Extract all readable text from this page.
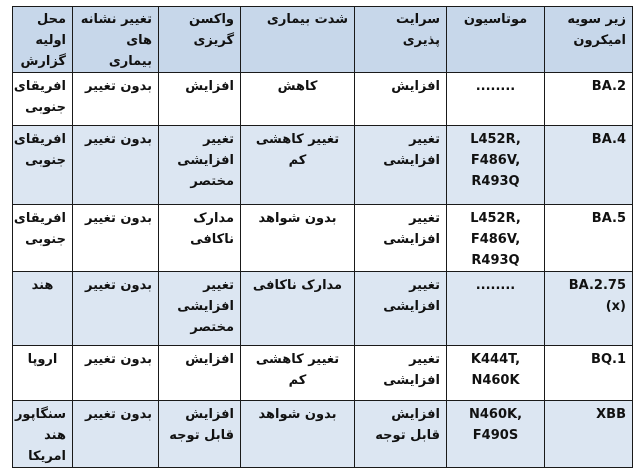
زیر سویه امیکرون	موتاسیون	سرایت پذیری	شدت بیماری	واکسن گریزی	تغییر نشانه های بیماری	محل اولیه گزارش

BA.2	........	افزایش	کاهش	افزایش	بدون تغییر	افریقای جنوبی

BA.4	L452R,
F486V,
R493Q	تغییر افزایشی	تغییر کاهشی کم	تغییر افزایشی مختصر	بدون تغییر	افریقای جنوبی

BA.5	L452R,
F486V,
R493Q	تغییر افزایشی	بدون شواهد	مدارک ناکافی	بدون تغییر	افریقای جنوبی

BA.2.75 (x)	........	تغییر افزایشی	مدارک ناکافی	تغییر افزایشی مختصر	بدون تغییر	هند

BQ.1	K444T,
N460K	تغییر افزایشی	تغییر کاهشی کم	افزایش	بدون تغییر	اروپا

XBB	N460K,
F490S	افزایش قابل توجه	بدون شواهد	افزایش قابل توجه	بدون تغییر	سنگاپور هند امریکا
